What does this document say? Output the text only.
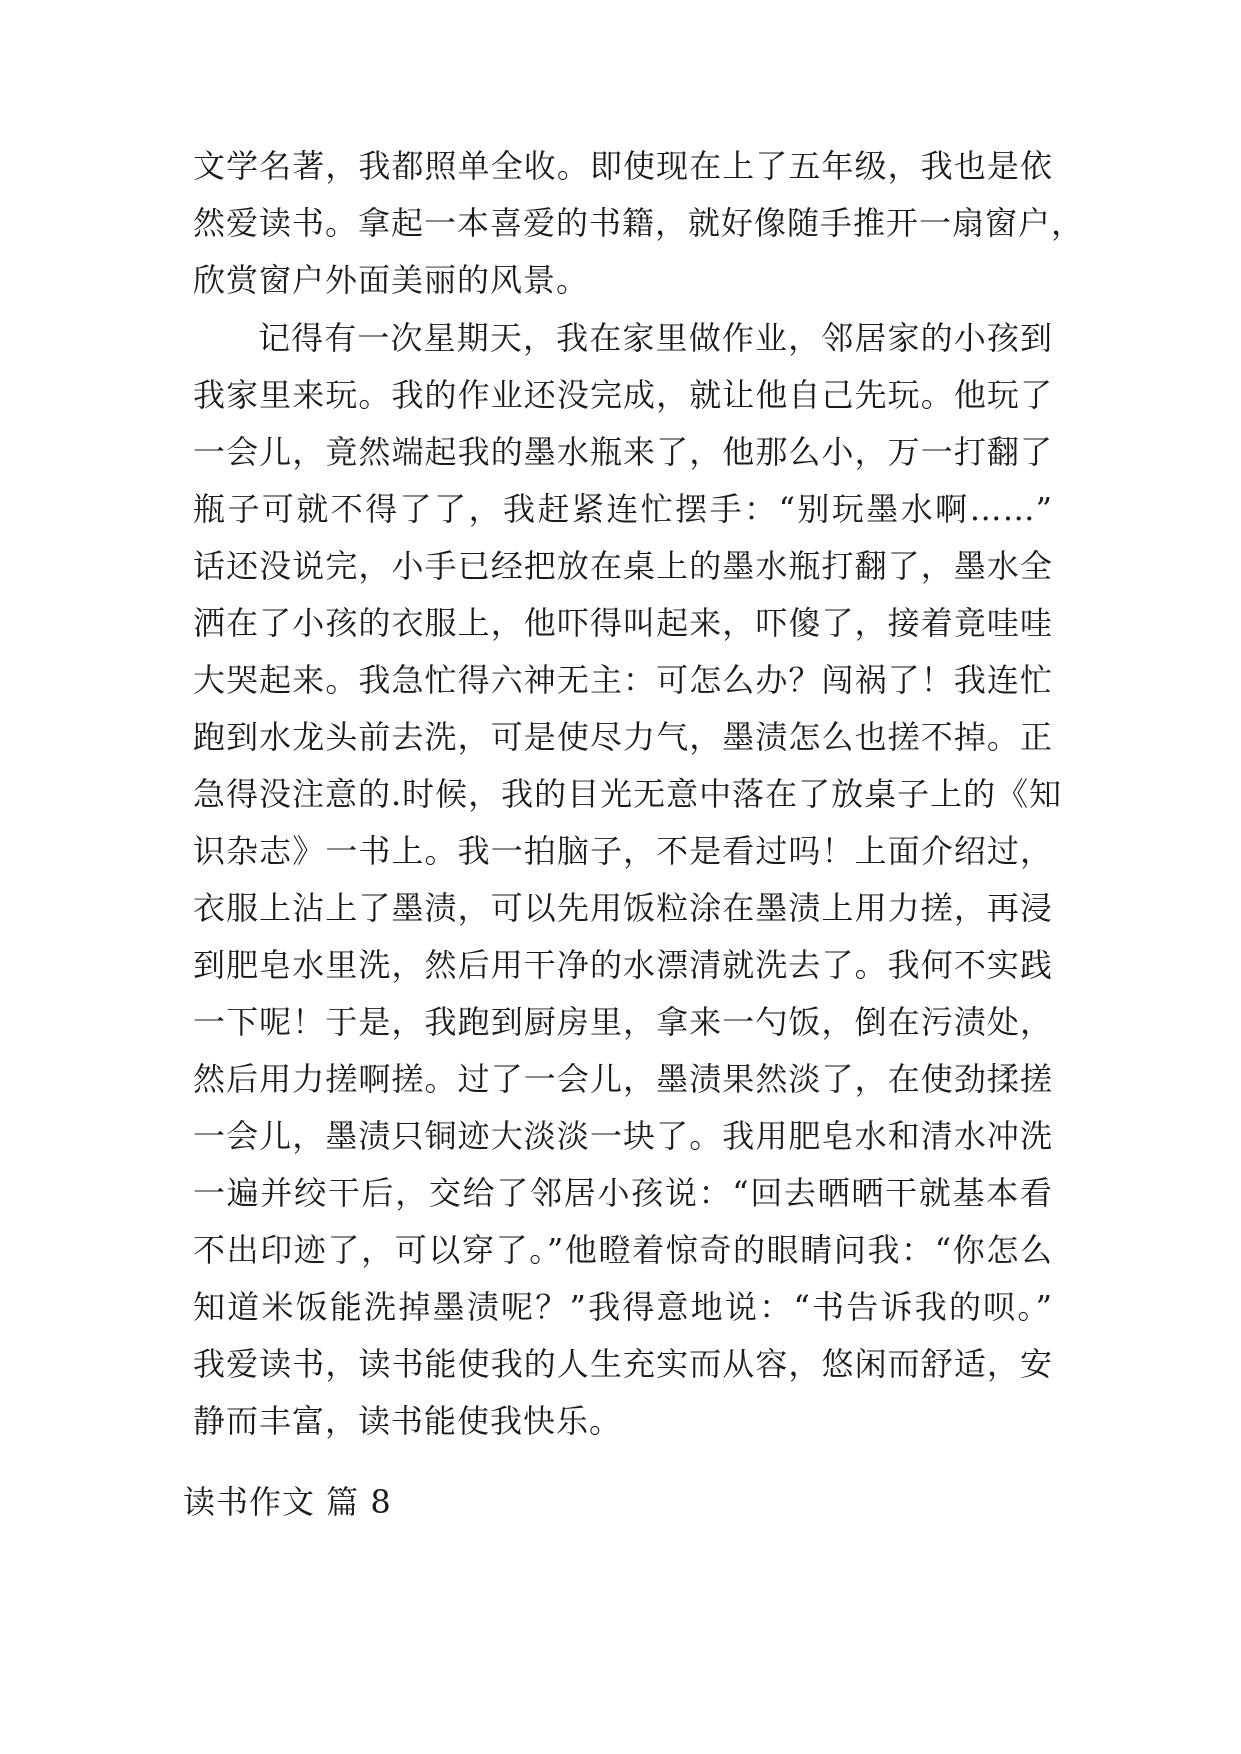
文学名著，我都照单全收。即使现在上了五年级，我也是依
然爱读书。拿起一本喜爱的书籍，就好像随手推开一扇窗户，
欣赏窗户外面美丽的风景。
记得有一次星期天，我在家里做作业，邻居家的小孩到
我家里来玩。我的作业还没完成，就让他自己先玩。他玩了
一会儿，竟然端起我的墨水瓶来了，他那么小，万一打翻了
瓶子可就不得了了，我赶紧连忙摆手：“别玩墨水啊……”
话还没说完，小手已经把放在桌上的墨水瓶打翻了，墨水全
洒在了小孩的衣服上，他吓得叫起来，吓傻了，接着竟哇哇
大哭起来。我急忙得六神无主：可怎么办？闯祸了！我连忙
跑到水龙头前去洗，可是使尽力气，墨渍怎么也搓不掉。正
急得没注意的.时候，我的目光无意中落在了放桌子上的《知
识杂志》一书上。我一拍脑子，不是看过吗！上面介绍过，
衣服上沾上了墨渍，可以先用饭粒涂在墨渍上用力搓，再浸
到肥皂水里洗，然后用干净的水漂清就洗去了。我何不实践
一下呢！于是，我跑到厨房里，拿来一勺饭，倒在污渍处，
然后用力搓啊搓。过了一会儿，墨渍果然淡了，在使劲揉搓
一会儿，墨渍只铜迹大淡淡一块了。我用肥皂水和清水冲洗
一遍并绞干后，交给了邻居小孩说：“回去晒晒干就基本看
不出印迹了，可以穿了。”他瞪着惊奇的眼睛问我：“你怎么
知道米饭能洗掉墨渍呢？”我得意地说：“书告诉我的呗。”
我爱读书，读书能使我的人生充实而从容，悠闲而舒适，安
静而丰富，读书能使我快乐。
读书作文 篇 8
